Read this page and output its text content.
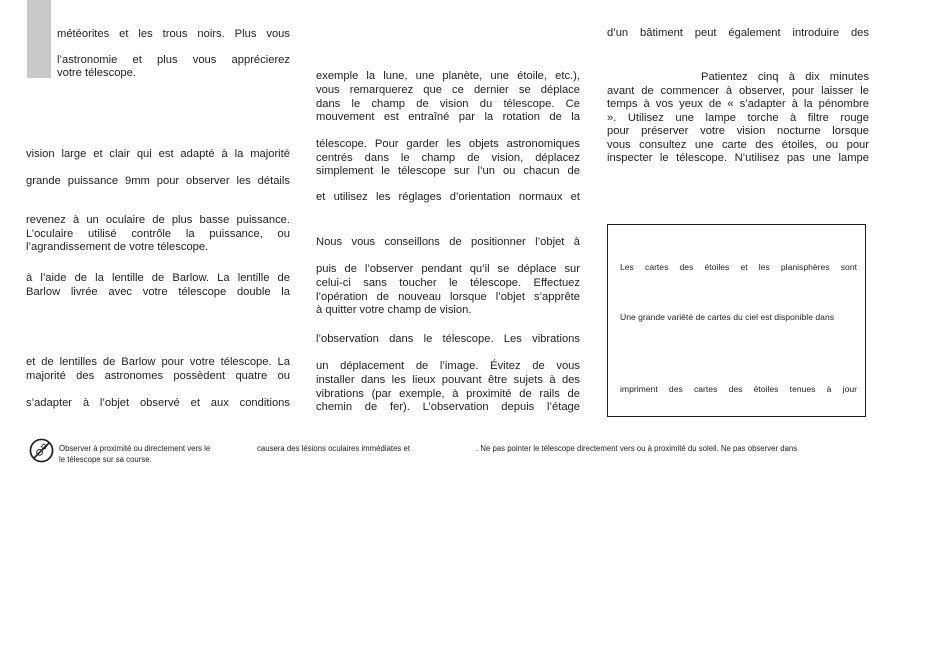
météorites et les trous noirs. Plus vous
l’astronomie et plus vous apprécierez
votre télescope.
vision large et clair qui est adapté à la majorité
grande puissance 9mm pour observer les détails
revenez à un oculaire de plus basse puissance.
L’oculaire utilisé contrôle la puissance, ou
l’agrandissement de votre télescope.
à l’aide de la lentille de Barlow. La lentille de
Barlow livrée avec votre télescope double la
et de lentilles de Barlow pour votre télescope. La
majorité des astronomes possèdent quatre ou
s’adapter à l’objet observé et aux conditions
exemple la lune, une planète, une étoile, etc.),
vous remarquerez que ce dernier se déplace
dans le champ de vision du télescope. Ce
mouvement est entraîné par la rotation de la
télescope. Pour garder les objets astronomiques
centrés dans le champ de vision, déplacez
simplement le télescope sur l’un ou chacun de
et utilisez les réglages d’orientation normaux et
Nous vous conseillons de positionner l’objet à
puis de l’observer pendant qu’il se déplace sur
celui-ci sans toucher le télescope. Effectuez
l’opération de nouveau lorsque l’objet s’apprête
à quitter votre champ de vision.
l’observation dans le télescope. Les vibrations
un déplacement de l’image. Évitez de vous
installer dans les lieux pouvant être sujets à des
vibrations (par exemple, à proximité de rails de
chemin de fer). L’observation depuis l’étage
d’un bâtiment peut également introduire des
Patientez cinq à dix minutes
avant de commencer à observer, pour laisser le
temps à vos yeux de « s’adapter à la pénombre
». Utilisez une lampe torche à filtre rouge
pour préserver votre vision nocturne lorsque
vous consultez une carte des étoiles, ou pour
inspecter le télescope. N’utilisez pas une lampe
Les cartes des étoiles et les planisphères sont
Une grande variété de cartes du ciel est disponible dans
impriment des cartes des étoiles tenues à jour
Observer à proximité ou directement vers le	causera des lésions oculaires immédiates et	. Ne pas pointer le télescope directement vers ou à proximité du soleil. Ne pas observer dans
le télescope sur sa course.
